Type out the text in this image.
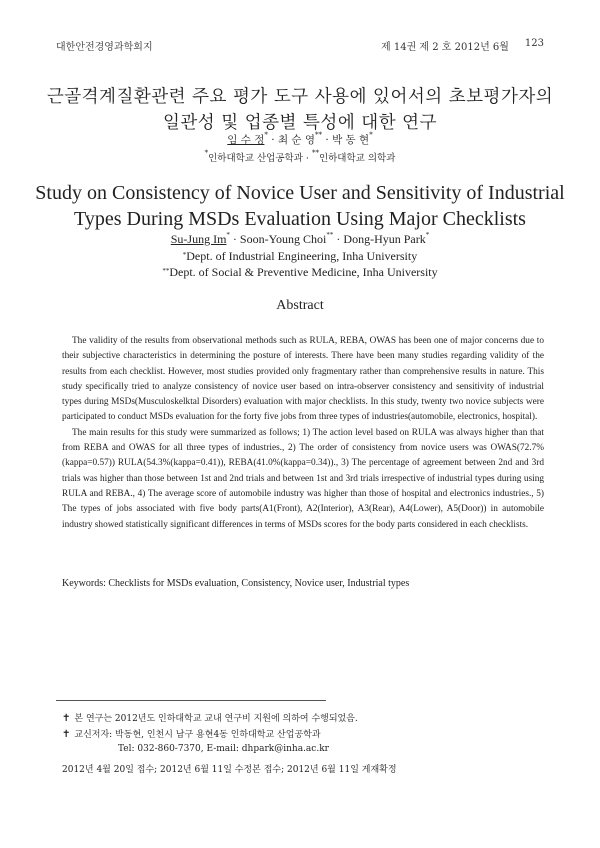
대한안전경영과학회지	제 14권 제 2 호 2012년 6월 123
근골격계질환관련 주요 평가 도구 사용에 있어서의 초보평가자의
일관성 및 업종별 특성에 대한 연구
임 수 정* · 최 순 영** · 박 동 현*
*인하대학교 산업공학과 · **인하대학교 의학과
Study on Consistency of Novice User and Sensitivity of Industrial
Types During MSDs Evaluation Using Major Checklists
Su-Jung Im* · Soon-Young Choi** · Dong-Hyun Park*
*Dept. of Industrial Engineering, Inha University
**Dept. of Social & Preventive Medicine, Inha University
Abstract

The validity of the results from observational methods such as RULA, REBA, OWAS has been one of major concerns due to their subjective characteristics in determining the posture of interests. There have been many studies regarding validity of the results from each checklist. However, most studies provided only fragmentary rather than comprehensive results in nature. This study specifically tried to analyze consistency of novice user based on intra-observer consistency and sensitivity of industrial types during MSDs(Musculoskelktal Disorders) evaluation with major checklists. In this study, twenty two novice subjects were participated to conduct MSDs evaluation for the forty five jobs from three types of industries(automobile, electronics, hospital).

The main results for this study were summarized as follows; 1) The action level based on RULA was always higher than that from REBA and OWAS for all three types of industries., 2) The order of consistency from novice users was OWAS(72.7%(kappa=0.57)) RULA(54.3%(kappa=0.41)), REBA(41.0%(kappa=0.34))., 3) The percentage of agreement between 2nd and 3rd trials was higher than those between 1st and 2nd trials and between 1st and 3rd trials irrespective of industrial types during using RULA and REBA., 4) The average score of automobile industry was higher than those of hospital and electronics industries., 5) The types of jobs associated with five body parts(A1(Front), A2(Interior), A3(Rear), A4(Lower), A5(Door)) in automobile industry showed statistically significant differences in terms of MSDs scores for the body parts considered in each checklists.

Keywords: Checklists for MSDs evaluation, Consistency, Novice user, Industrial types
✝ 본 연구는 2012년도 인하대학교 교내 연구비 지원에 의하여 수행되었음.
✝ 교신저자: 박동현, 인천시 남구 용현4동 인하대학교 산업공학과
Tel: 032-860-7370, E-mail: dhpark@inha.ac.kr
2012년 4월 20일 접수; 2012년 6월 11일 수정본 접수; 2012년 6월 11일 게재확정
